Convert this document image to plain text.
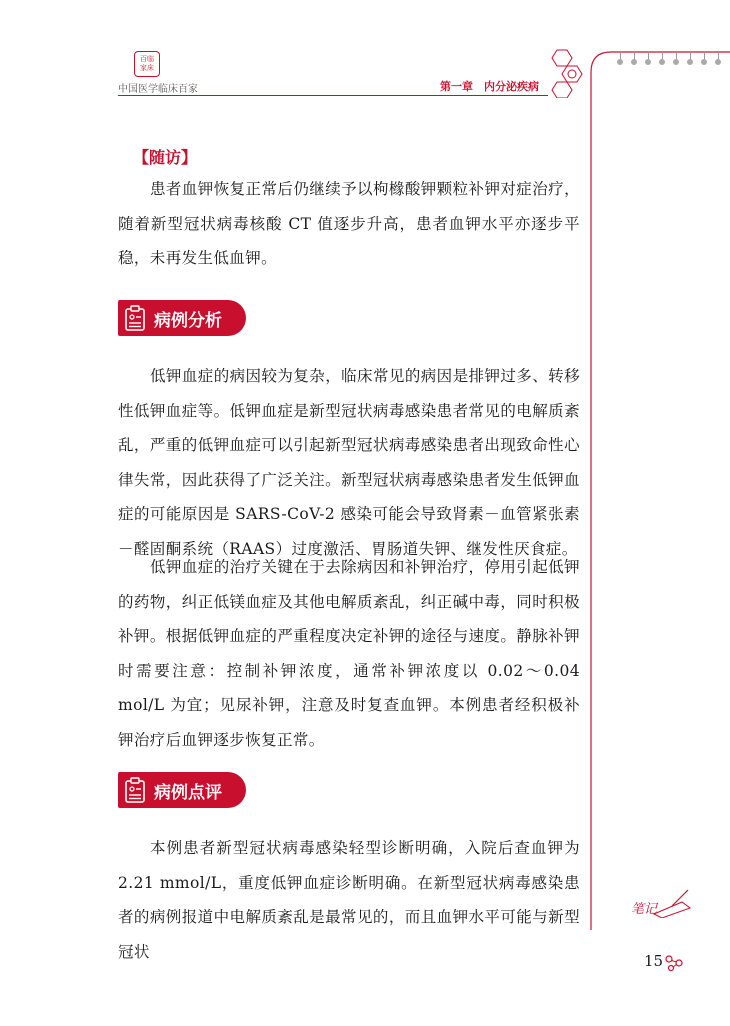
百临
家床
中国医学临床百家	第一章　内分泌疾病
笔记
【随访】

患者血钾恢复正常后仍继续予以枸橼酸钾颗粒补钾对症治疗，随着新型冠状病毒核酸 CT 值逐步升高，患者血钾水平亦逐步平稳，未再发生低血钾。

病例分析

低钾血症的病因较为复杂，临床常见的病因是排钾过多、转移性低钾血症等。低钾血症是新型冠状病毒感染患者常见的电解质紊乱，严重的低钾血症可以引起新型冠状病毒感染患者出现致命性心律失常，因此获得了广泛关注。新型冠状病毒感染患者发生低钾血症的可能原因是 SARS-CoV-2 感染可能会导致肾素－血管紧张素－醛固酮系统（RAAS）过度激活、胃肠道失钾、继发性厌食症。

低钾血症的治疗关键在于去除病因和补钾治疗，停用引起低钾的药物，纠正低镁血症及其他电解质紊乱，纠正碱中毒，同时积极补钾。根据低钾血症的严重程度决定补钾的途径与速度。静脉补钾时需要注意：控制补钾浓度，通常补钾浓度以 0.02～0.04 mol/L 为宜；见尿补钾，注意及时复查血钾。本例患者经积极补钾治疗后血钾逐步恢复正常。

病例点评

本例患者新型冠状病毒感染轻型诊断明确，入院后查血钾为 2.21 mmol/L，重度低钾血症诊断明确。在新型冠状病毒感染患者的病例报道中电解质紊乱是最常见的，而且血钾水平可能与新型冠状

15
